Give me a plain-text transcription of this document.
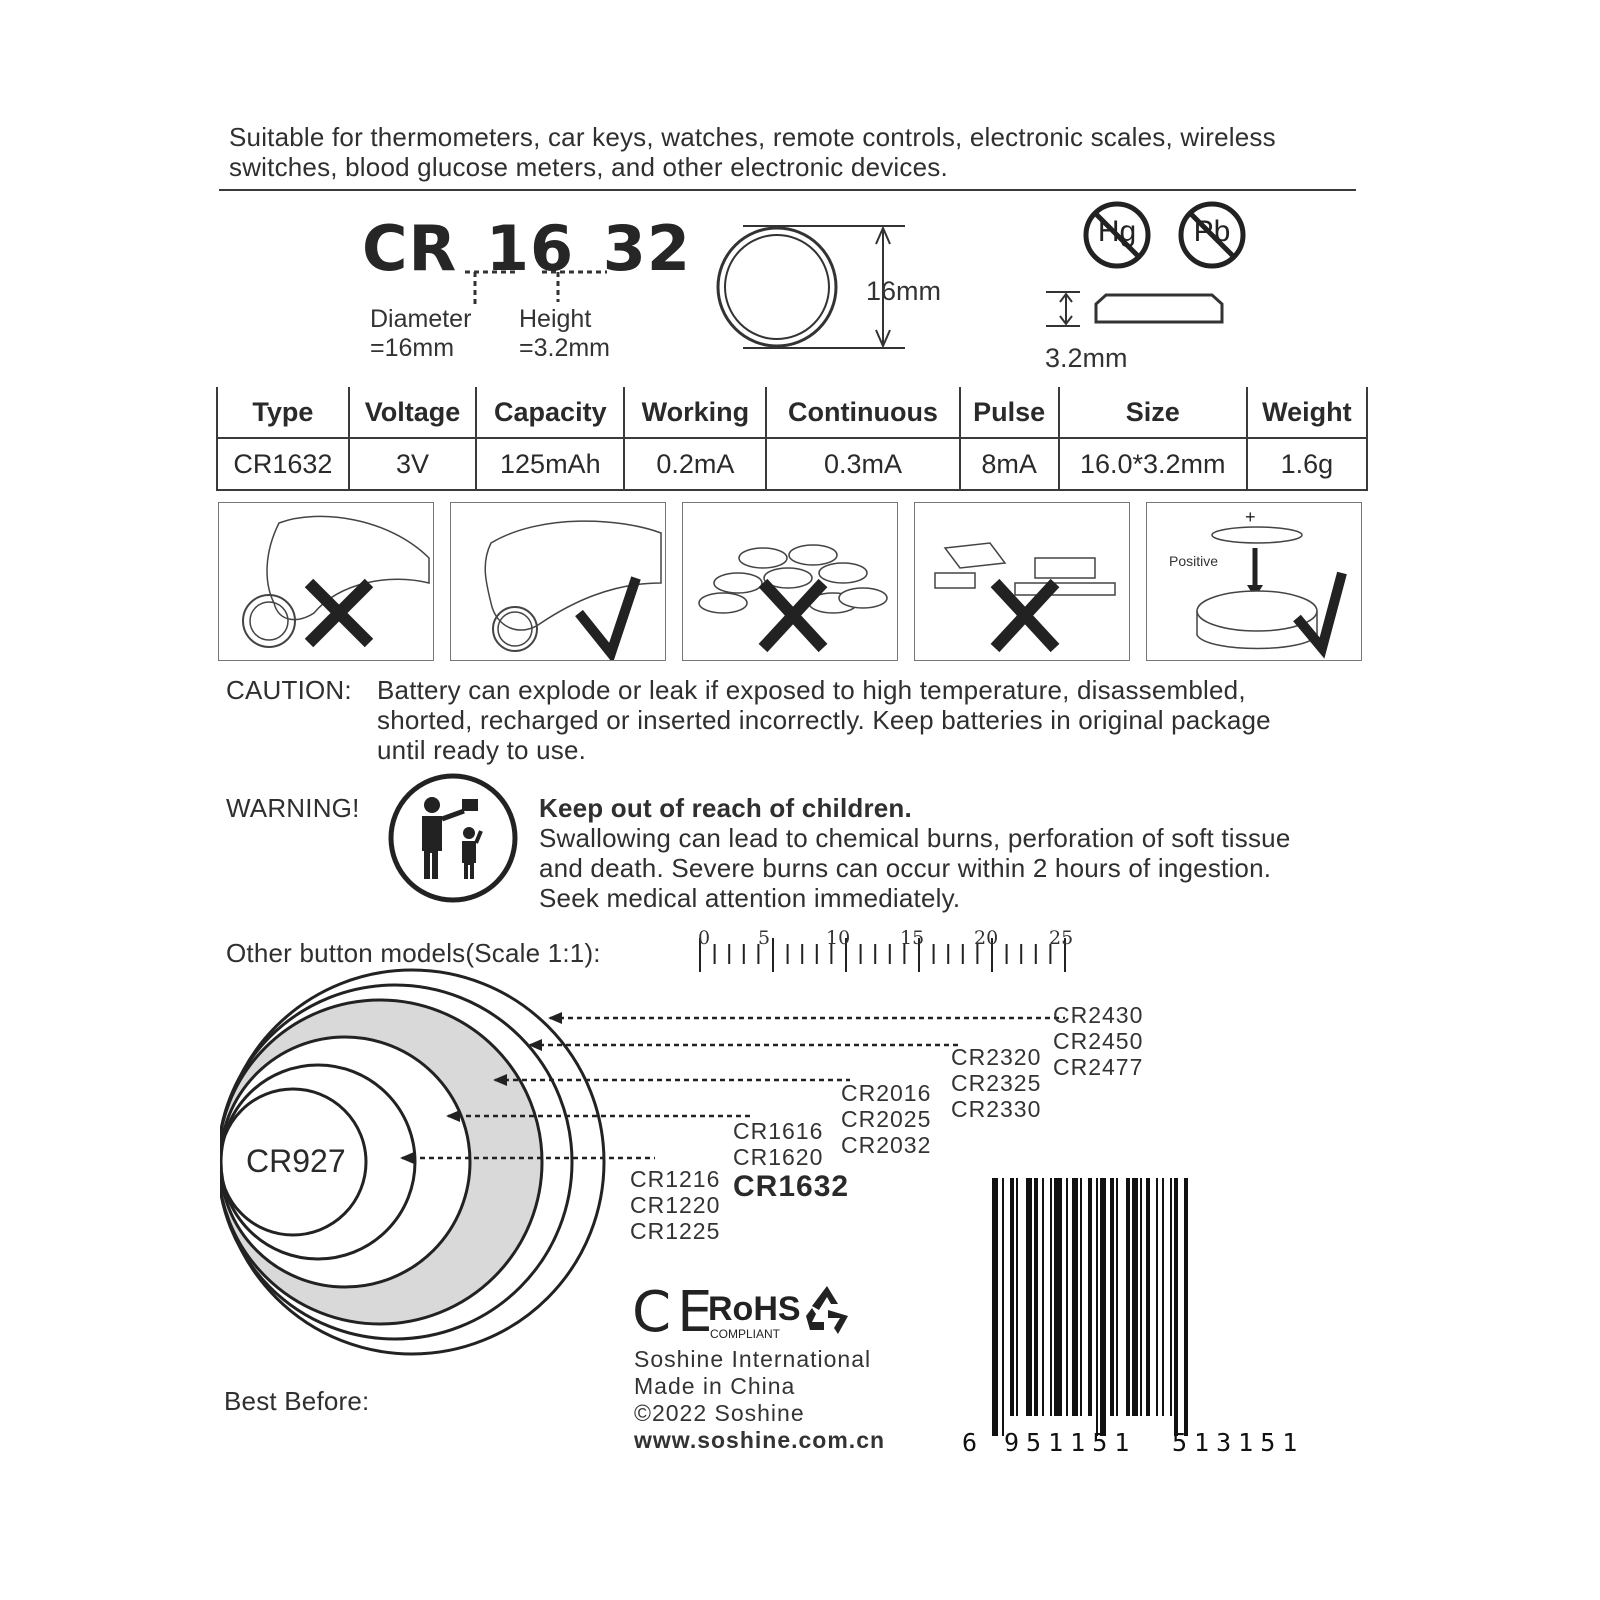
Suitable for thermometers, car keys, watches, remote controls, electronic scales, wireless switches, blood glucose meters, and other electronic devices.
CR 16 32
Diameter
=16mm
Height
=3.2mm
16mm
Hg	Pb
3.2mm
Type	Voltage	Capacity	Working	Continuous	Pulse	Size	Weight
CR1632	3V	125mAh	0.2mA	0.3mA	8mA	16.0*3.2mm	1.6g
+
Positive
CAUTION: Battery can explode or leak if exposed to high temperature, disassembled,
shorted, recharged or inserted incorrectly. Keep batteries in original package
until ready to use.
WARNING!	Keep out of reach of children.
Swallowing can lead to chemical burns, perforation of soft tissue
and death. Severe burns can occur within 2 hours of ingestion.
Seek medical attention immediately.
Other button models(Scale 1:1):	0	5	10	15	20	25
CR927
CR2430
CR2450
CR2477
CR2320
CR2325
CR2330
CR2016
CR2025
CR2032
CR1616
CR1620
CR1632
CR1216
CR1220
CR1225
Best Before:
CE
RoHS
COMPLIANT
Soshine International
Made in China
©2022 Soshine
www.soshine.com.cn	6 951151 513151
